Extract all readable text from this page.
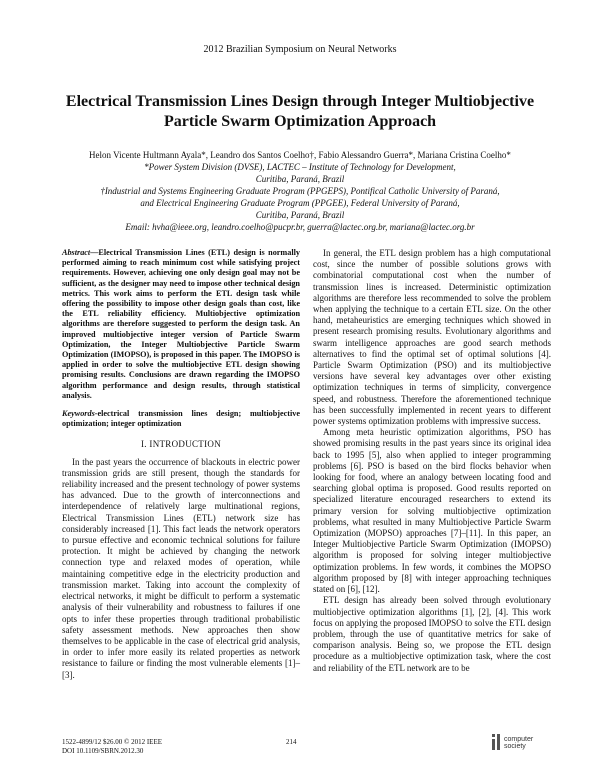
2012 Brazilian Symposium on Neural Networks
Electrical Transmission Lines Design through Integer Multiobjective Particle Swarm Optimization Approach
Helon Vicente Hultmann Ayala*, Leandro dos Santos Coelho†, Fabio Alessandro Guerra*, Mariana Cristina Coelho*
*Power System Division (DVSE), LACTEC – Institute of Technology for Development,
Curitiba, Paraná, Brazil
†Industrial and Systems Engineering Graduate Program (PPGEPS), Pontifical Catholic University of Paraná,
and Electrical Engineering Graduate Program (PPGEE), Federal University of Paraná,
Curitiba, Paraná, Brazil
Email: hvha@ieee.org, leandro.coelho@pucpr.br, guerra@lactec.org.br, mariana@lactec.org.br
Abstract—Electrical Transmission Lines (ETL) design is normally performed aiming to reach minimum cost while satisfying project requirements. However, achieving one only design goal may not be sufficient, as the designer may need to impose other technical design metrics. This work aims to perform the ETL design task while offering the possibility to impose other design goals than cost, like the ETL reliability efficiency. Multiobjective optimization algorithms are therefore suggested to perform the design task. An improved multiobjective integer version of Particle Swarm Optimization, the Integer Multiobjective Particle Swarm Optimization (IMOPSO), is proposed in this paper. The IMOPSO is applied in order to solve the multiobjective ETL design showing promising results. Conclusions are drawn regarding the IMOPSO algorithm performance and design results, through statistical analysis.
Keywords-electrical transmission lines design; multiobjective optimization; integer optimization
I. INTRODUCTION

In the past years the occurrence of blackouts in electric power transmission grids are still present, though the standards for reliability increased and the present technology of power systems has advanced. Due to the growth of interconnections and interdependence of relatively large multinational regions, Electrical Transmission Lines (ETL) network size has considerably increased [1]. This fact leads the network operators to pursue effective and economic technical solutions for failure protection. It might be achieved by changing the network connection type and relaxed modes of operation, while maintaining competitive edge in the electricity production and transmission market. Taking into account the complexity of electrical networks, it might be difficult to perform a systematic analysis of their vulnerability and robustness to failures if one opts to infer these properties through traditional probabilistic safety assessment methods. New approaches then show themselves to be applicable in the case of electrical grid analysis, in order to infer more easily its related properties as network resistance to failure or finding the most vulnerable elements [1]–[3].

In general, the ETL design problem has a high computational cost, since the number of possible solutions grows with combinatorial computational cost when the number of transmission lines is increased. Deterministic optimization algorithms are therefore less recommended to solve the problem when applying the technique to a certain ETL size. On the other hand, metaheuristics are emerging techniques which showed in present research promising results. Evolutionary algorithms and swarm intelligence approaches are good search methods alternatives to find the optimal set of optimal solutions [4]. Particle Swarm Optimization (PSO) and its multiobjective versions have several key advantages over other existing optimization techniques in terms of simplicity, convergence speed, and robustness. Therefore the aforementioned technique has been successfully implemented in recent years to different power systems optimization problems with impressive success.

Among meta heuristic optimization algorithms, PSO has showed promising results in the past years since its original idea back to 1995 [5], also when applied to integer programming problems [6]. PSO is based on the bird flocks behavior when looking for food, where an analogy between locating food and searching global optima is proposed. Good results reported on specialized literature encouraged researchers to extend its primary version for solving multiobjective optimization problems, what resulted in many Multiobjective Particle Swarm Optimization (MOPSO) approaches [7]–[11]. In this paper, an Integer Multiobjective Particle Swarm Optimization (IMOPSO) algorithm is proposed for solving integer multiobjective optimization problems. In few words, it combines the MOPSO algorithm proposed by [8] with integer approaching techniques stated on [6], [12].

ETL design has already been solved through evolutionary multiobjective optimization algorithms [1], [2], [4]. This work focus on applying the proposed IMOPSO to solve the ETL design problem, through the use of quantitative metrics for sake of comparison analysis. Being so, we propose the ETL design procedure as a multiobjective optimization task, where the cost and reliability of the ETL network are to be

1522-4899/12 $26.00 © 2012 IEEE
DOI 10.1109/SBRN.2012.30
214	computer society
